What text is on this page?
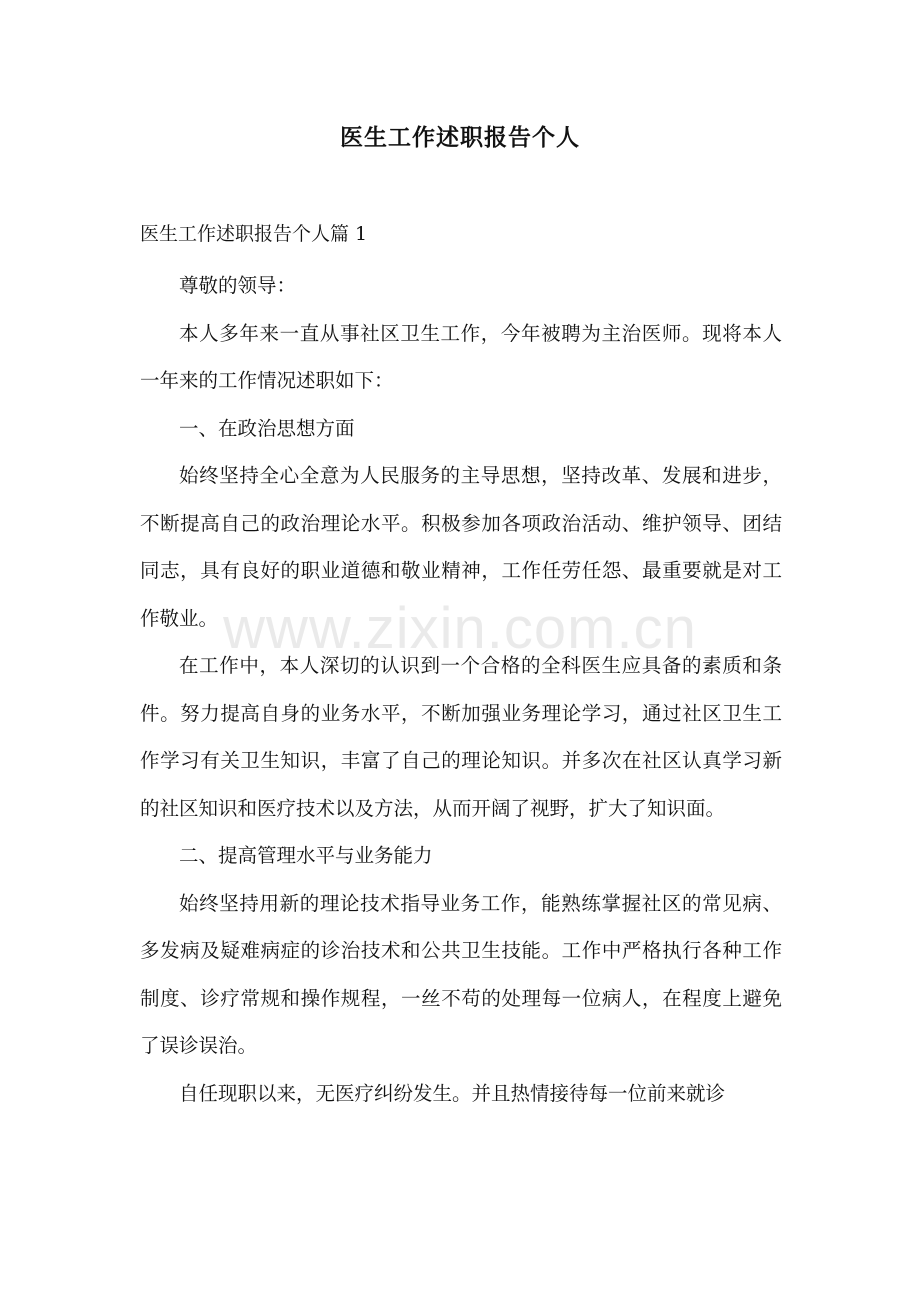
医生工作述职报告个人
医生工作述职报告个人篇 1

尊敬的领导：

本人多年来一直从事社区卫生工作，今年被聘为主治医师。现将本人一年来的工作情况述职如下：

一、在政治思想方面

始终坚持全心全意为人民服务的主导思想，坚持改革、发展和进步，不断提高自己的政治理论水平。积极参加各项政治活动、维护领导、团结同志，具有良好的职业道德和敬业精神，工作任劳任怨、最重要就是对工作敬业。

在工作中，本人深切的认识到一个合格的全科医生应具备的素质和条件。努力提高自身的业务水平，不断加强业务理论学习，通过社区卫生工作学习有关卫生知识，丰富了自己的理论知识。并多次在社区认真学习新的社区知识和医疗技术以及方法，从而开阔了视野，扩大了知识面。

二、提高管理水平与业务能力

始终坚持用新的理论技术指导业务工作，能熟练掌握社区的常见病、多发病及疑难病症的诊治技术和公共卫生技能。工作中严格执行各种工作制度、诊疗常规和操作规程，一丝不苟的处理每一位病人，在程度上避免了误诊误治。

自任现职以来，无医疗纠纷发生。并且热情接待每一位前来就诊

www.zixin.com.cn
